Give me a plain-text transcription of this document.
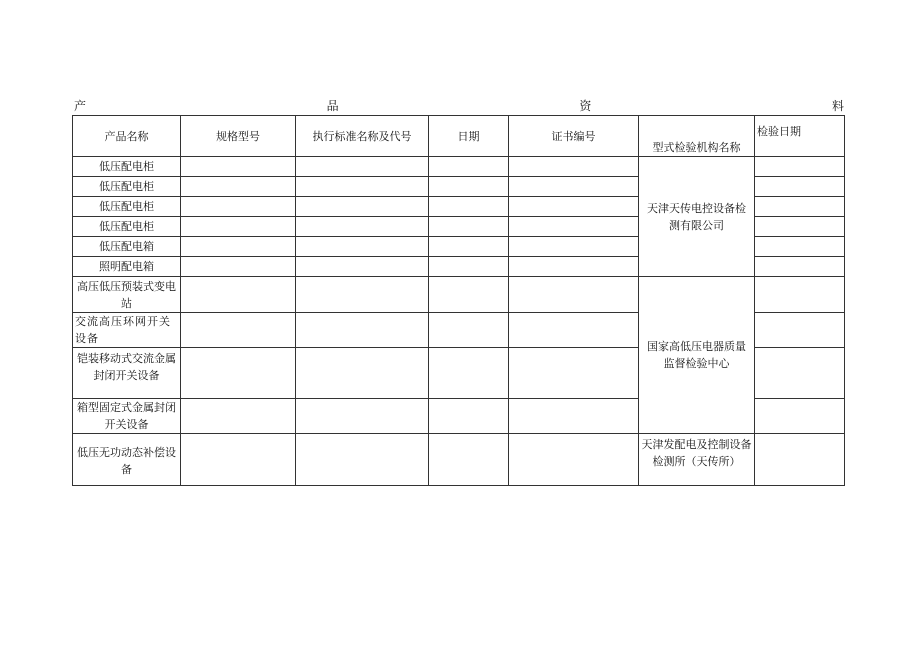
产	品	资	料
产品名称	规格型号	执行标准名称及代号	日期	证书编号	型式检验机构名称	检验日期
低压配电柜					天津天传电控设备检测有限公司	
低压配电柜						
低压配电柜						
低压配电柜						
低压配电箱						
照明配电箱						
高压低压预装式变电站					国家高低压电器质量监督检验中心	
交流高压环网开关设备						
铠装移动式交流金属封闭开关设备						
箱型固定式金属封闭开关设备						
低压无功动态补偿设备					天津发配电及控制设备检测所（天传所）	
